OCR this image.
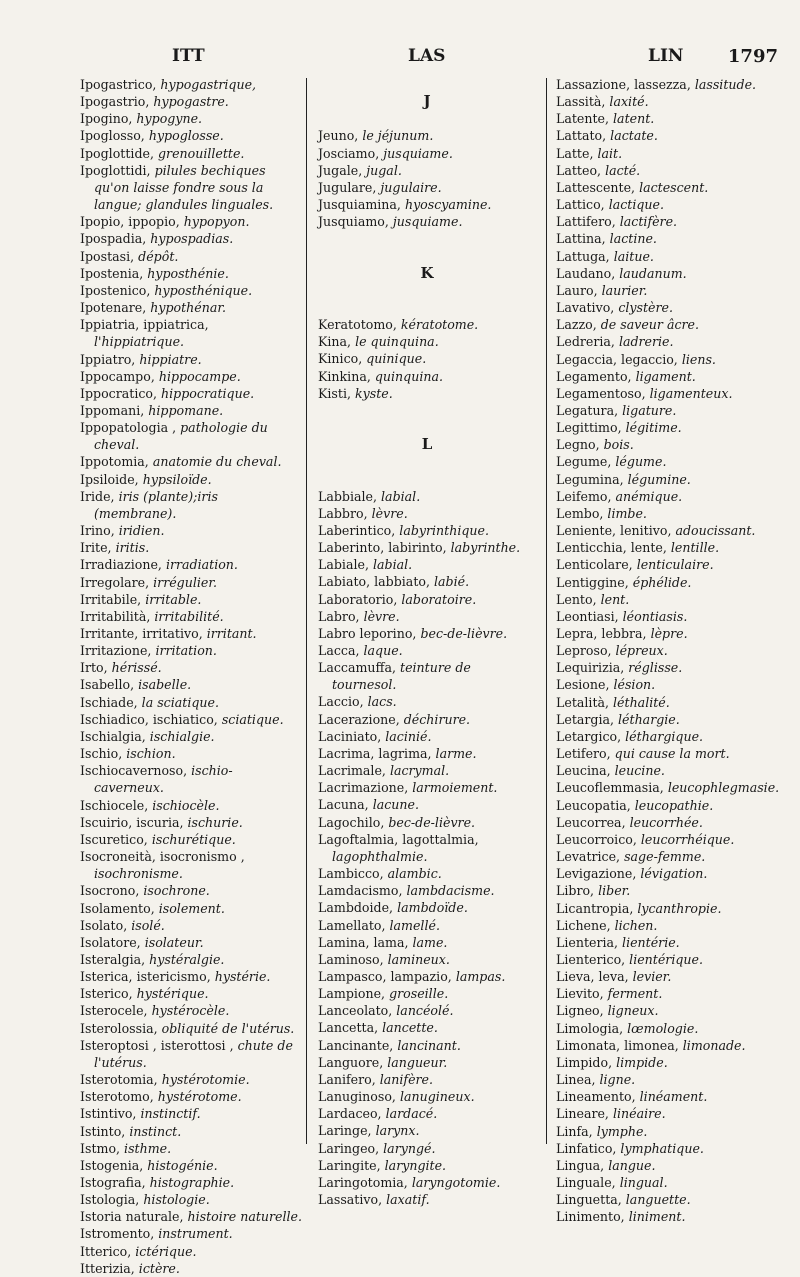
ITT	LAS	LIN 1797
Ipogastrico, hypogastrique,
Ipogastrio, hypogastre.
Ipogino, hypogyne.
Ipoglosso, hypoglosse.
Ipoglottide, grenouillette.
Ipoglottidi, pilules bechiques qu'on laisse fondre sous la langue; glandules linguales.
Ipopio, ippopio, hypopyon.
Ipospadia, hypospadias.
Ipostasi, dépôt.
Ipostenia, hyposthénie.
Ipostenico, hyposthénique.
Ipotenare, hypothénar.
Ippiatria, ippiatrica, l'hippiatrique.
Ippiatro, hippiatre.
Ippocampo, hippocampe.
Ippocratico, hippocratique.
Ippomani, hippomane.
Ippopatologia , pathologie du cheval.
Ippotomia, anatomie du cheval.
Ipsiloide, hypsiloïde.
Iride, iris (plante);iris (membrane).
Irino, iridien.
Irite, iritis.
Irradiazione, irradiation.
Irregolare, irrégulier.
Irritabile, irritable.
Irritabilità, irritabilité.
Irritante, irritativo, irritant.
Irritazione, irritation.
Irto, hérissé.
Isabello, isabelle.
Ischiade, la sciatique.
Ischiadico, ischiatico, sciatique.
Ischialgia, ischialgie.
Ischio, ischion.
Ischiocavernoso, ischio-caverneux.
Ischiocele, ischiocèle.
Iscuirio, iscuria, ischurie.
Iscuretico, ischurétique.
Isocroneità, isocronismo , isochronisme.
Isocrono, isochrone.
Isolamento, isolement.
Isolato, isolé.
Isolatore, isolateur.
Isteralgia, hystéralgie.
Isterica, istericismo, hystérie.
Isterico, hystérique.
Isterocele, hystérocèle.
Isterolossia, obliquité de l'utérus.
Isteroptosi , isterottosi , chute de l'utérus.
Isterotomia, hystérotomie.
Isterotomo, hystérotome.
Istintivo, instinctif.
Istinto, instinct.
Istmo, isthme.
Istogenia, histogénie.
Istografia, histographie.
Istologia, histologie.
Istoria naturale, histoire naturelle.
Istromento, instrument.
Itterico, ictérique.
Itterizia, ictère.
J
Jeuno, le jéjunum.
Josciamo, jusquiame.
Jugale, jugal.
Jugulare, jugulaire.
Jusquiamina, hyoscyamine.
Jusquiamo, jusquiame.
K
Keratotomo, kératotome.
Kina, le quinquina.
Kinico, quinique.
Kinkina, quinquina.
Kisti, kyste.
L
Labbiale, labial.
Labbro, lèvre.
Laberintico, labyrinthique.
Laberinto, labirinto, labyrinthe.
Labiale, labial.
Labiato, labbiato, labié.
Laboratorio, laboratoire.
Labro, lèvre.
Labro leporino, bec-de-lièvre.
Lacca, laque.
Laccamuffa, teinture de tournesol.
Laccio, lacs.
Lacerazione, déchirure.
Laciniato, lacinié.
Lacrima, lagrima, larme.
Lacrimale, lacrymal.
Lacrimazione, larmoiement.
Lacuna, lacune.
Lagochilo, bec-de-lièvre.
Lagoftalmia, lagottalmia, lagophthalmie.
Lambicco, alambic.
Lamdacismo, lambdacisme.
Lambdoide, lambdoïde.
Lamellato, lamellé.
Lamina, lama, lame.
Laminoso, lamineux.
Lampasco, lampazio, lampas.
Lampione, groseille.
Lanceolato, lancéolé.
Lancetta, lancette.
Lancinante, lancinant.
Languore, langueur.
Lanifero, lanifère.
Lanuginoso, lanugineux.
Lardaceo, lardacé.
Laringe, larynx.
Laringeo, laryngé.
Laringite, laryngite.
Laringotomia, laryngotomie.
Lassativo, laxatif.
Lassazione, lassezza, lassitude.
Lassità, laxité.
Latente, latent.
Lattato, lactate.
Latte, lait.
Latteo, lacté.
Lattescente, lactescent.
Lattico, lactique.
Lattifero, lactifère.
Lattina, lactine.
Lattuga, laitue.
Laudano, laudanum.
Lauro, laurier.
Lavativo, clystère.
Lazzo, de saveur âcre.
Ledreria, ladrerie.
Legaccia, legaccio, liens.
Legamento, ligament.
Legamentoso, ligamenteux.
Legatura, ligature.
Legittimo, légitime.
Legno, bois.
Legume, légume.
Legumina, légumine.
Leifemo, anémique.
Lembo, limbe.
Leniente, lenitivo, adoucissant.
Lenticchia, lente, lentille.
Lenticolare, lenticulaire.
Lentiggine, éphélide.
Lento, lent.
Leontiasi, léontiasis.
Lepra, lebbra, lèpre.
Leproso, lépreux.
Lequirizia, réglisse.
Lesione, lésion.
Letalità, léthalité.
Letargia, léthargie.
Letargico, léthargique.
Letifero, qui cause la mort.
Leucina, leucine.
Leucoflemmasia, leucophlegmasie.
Leucopatia, leucopathie.
Leucorrea, leucorrhée.
Leucorroico, leucorrhéique.
Levatrice, sage-femme.
Levigazione, lévigation.
Libro, liber.
Licantropia, lycanthropie.
Lichene, lichen.
Lienteria, lientérie.
Lienterico, lientérique.
Lieva, leva, levier.
Lievito, ferment.
Ligneo, ligneux.
Limologia, lœmologie.
Limonata, limonea, limonade.
Limpido, limpide.
Linea, ligne.
Lineamento, linéament.
Lineare, linéaire.
Linfa, lymphe.
Linfatico, lymphatique.
Lingua, langue.
Linguale, lingual.
Linguetta, languette.
Linimento, liniment.
